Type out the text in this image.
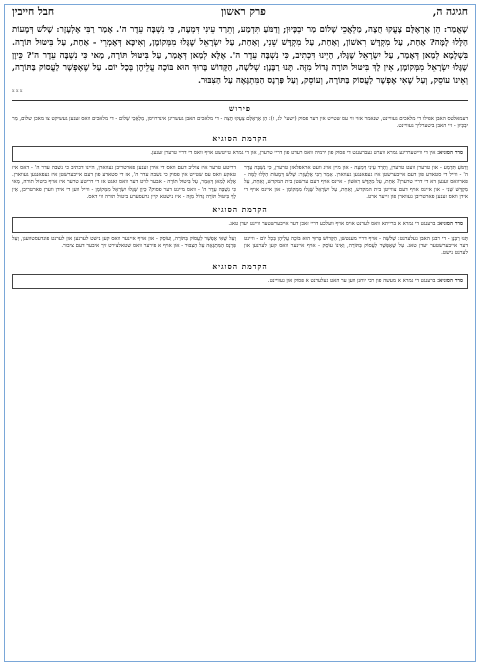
חגיגה ה,
פרק ראשון
חבל חייבין
שָׁאֲמַר: הֵן אֶרְאֶלָּם צָעֲקוּ חֻצָה, מַלְאֲכֵי שָׁלוֹם מַר יִבְכָּיוּן; וְדַמֹּעַ תִּדְמַע, וְתֵרַד עֵינִי דִּמְעָה, כִּי נִשְׁבָּה עֵדֶר ה'. אָמַר רַבִּי אֶלְעָזָר: שָׁלֹשׁ דְּמָעוֹת הַלָּלוּ לָמָּה? אַחַת, עַל מִקְדָּשׁ רִאשׁוֹן, וְאַחַת, עַל מִקְדָּשׁ שֵׁנִי, וְאַחַת, עַל יִשְׂרָאֵל שֶׁגָּלוּ מִמְּקוֹמָן, וְאִיכָּא דְּאָמְרֵי - אַחַת, עַל בִּיטּוּל תּוֹרָה. בִּשְׁלָמָא לְמַאן דְּאָמַר, עַל יִשְׂרָאֵל שֶׁגָּלוּ, הַיְינוּ דִּכְתִיב, כִּי נִשְׁבָּה עֵדֶר ה'. אֶלָּא לְמַאן דְּאָמַר, עַל בִּיטּוּל תּוֹרָה, מַאי כִּי נִשְׁבָּה עֵדֶר ה'? כֵּיוָן שֶׁגָּלוּ יִשְׂרָאֵל מִמְּקוֹמָן, אֵין לָךְ בִּיטּוּל תּוֹרָה גָּדוֹל מִזֶּה. תָּנוּ רַבָּנָן: שְׁלֹשָׁה, הַקָּדוֹשׁ בָּרוּךְ הוּא בּוֹכֶה עֲלֵיהֶן בְּכָל יוֹם. עַל שֶׁאֶפְשָׁר לַעֲסוֹק בַּתּוֹרָה, וְאֵינוֹ עוֹסֵק, וְעַל שֶׁאִי אֶפְשָׁר לַעֲסוֹק בַּתּוֹרָה, וְעוֹסֵק, וְעַל פַּרְנָס הַמִּתְגָּאֶה עַל הַצִּבּוּר.
x x x
פירוש
דעמאלטס האבן אפילו די מלאכים געוויינט, שנאמר אזוי ווי עס שטייט אין דער פסוק (ישעי' לג, ז): הֵן אֶרְאֶלָּם צָעֲקוּ חֻצָה - די מלאכים האבן געשריגן אינדרויסן, מַלְאֲכֵי שָׁלוֹם - די מלאכים וואס זענען געשיקט צו מאכן שלום, מַר יִבְכָּיוּן - זיי האבן ביטערליך געוויינט.
הקדמת הסוגיא
סדר הסוגיא: אין די ווייטערדיגע גמרא ווערט געברענגט די פסוק פון ירמיה וואס רעדט פון דריי טרערן, און די גמרא טייטשט אויף וואס די דריי טרערן זענען.
וְדַמֹּעַ תִּדְמַע - און טרערן וועט טרערן, וְתֵרַד עֵינִי דִּמְעָה - און מיין אויג וועט אראפלאזן טרערן, כִּי נִשְׁבָּה עֵדֶר ה' - ווייל די סטאדע פון דעם אייבערשטן איז געפאנגען געווארן. אָמַר רַבִּי אֶלְעָזָר: שָׁלֹשׁ דְּמָעוֹת הַלָּלוּ לָמָּה - פארוואס זענען דא די דריי טרערן? אַחַת, עַל מִקְדָּשׁ רִאשׁוֹן - איינס אויף דעם ערשטן בית המקדש, וְאַחַת, עַל מִקְדָּשׁ שֵׁנִי - און איינס אויף דעם צווייטן בית המקדש, וְאַחַת, עַל יִשְׂרָאֵל שֶׁגָּלוּ מִמְּקוֹמָן - און איינס אויף די אידן וואס זענען פארטריבן געווארן פון זייער ארט.
דריטע טרער איז צוליב דעם וואס די אידן זענען פארטריבן געווארן, היינו דכתיב כי נשבה עדר ה' - דאס איז טאקע וואס עס שטייט אין פסוק כי נשבה עדר ה', אז די סטאדע פון דעם אייבערשטן איז געפאנגען געווארן. אֶלָּא לְמַאן דְּאָמַר, עַל בִּיטּוּל תּוֹרָה - אבער לויט דער וואס זאגט אז די דריטע טרער איז אויף ביטול תורה, מַאי כִּי נִשְׁבָּה עֵדֶר ה' - וואס מיינט דער פסוק? כֵּיוָן שֶׁגָּלוּ יִשְׂרָאֵל מִמְּקוֹמָן - ווייל ווען די אידן ווערן פארטריבן, אֵין לָךְ בִּיטּוּל תּוֹרָה גָּדוֹל מִזֶּה - איז נישטא קיין גרעסערע ביטול תורה ווי דאס.
הקדמת הסוגיא
סדר הסוגיא: ברענגט די גמרא א ברייתא וואס לערנט אויס אויף וועלכע דריי זאכן דער אייבערשטער וויינט יעדן טאג.
תָּנוּ רַבָּנָן - די רבנן האבן געלערנט: שְׁלֹשָׁה - אויף דריי מענטשן, הַקָּדוֹשׁ בָּרוּךְ הוּא בּוֹכֶה עֲלֵיהֶן בְּכָל יוֹם - וויינט דער אייבערשטער יעדן טאג. עַל שֶׁאֶפְשָׁר לַעֲסוֹק בַּתּוֹרָה, וְאֵינוֹ עוֹסֵק - אויף איינער וואס קען לערנען און לערנט נישט.
וְעַל שֶׁאִי אֶפְשָׁר לַעֲסוֹק בַּתּוֹרָה, וְעוֹסֵק - און אויף איינער וואס קען נישט לערנען און לערנט פונדעסטוועגן, וְעַל פַּרְנָס הַמִּתְגָּאֶה עַל הַצִּבּוּר - און אויף א פירער וואס שטאלצירט זיך איבער דעם ציבור.
הקדמת הסוגיא
סדר הסוגיא: ברענגט די גמרא א מעשה פון רבי יוחנן ווען ער האט געלערנט א פסוק און געוויינט.
